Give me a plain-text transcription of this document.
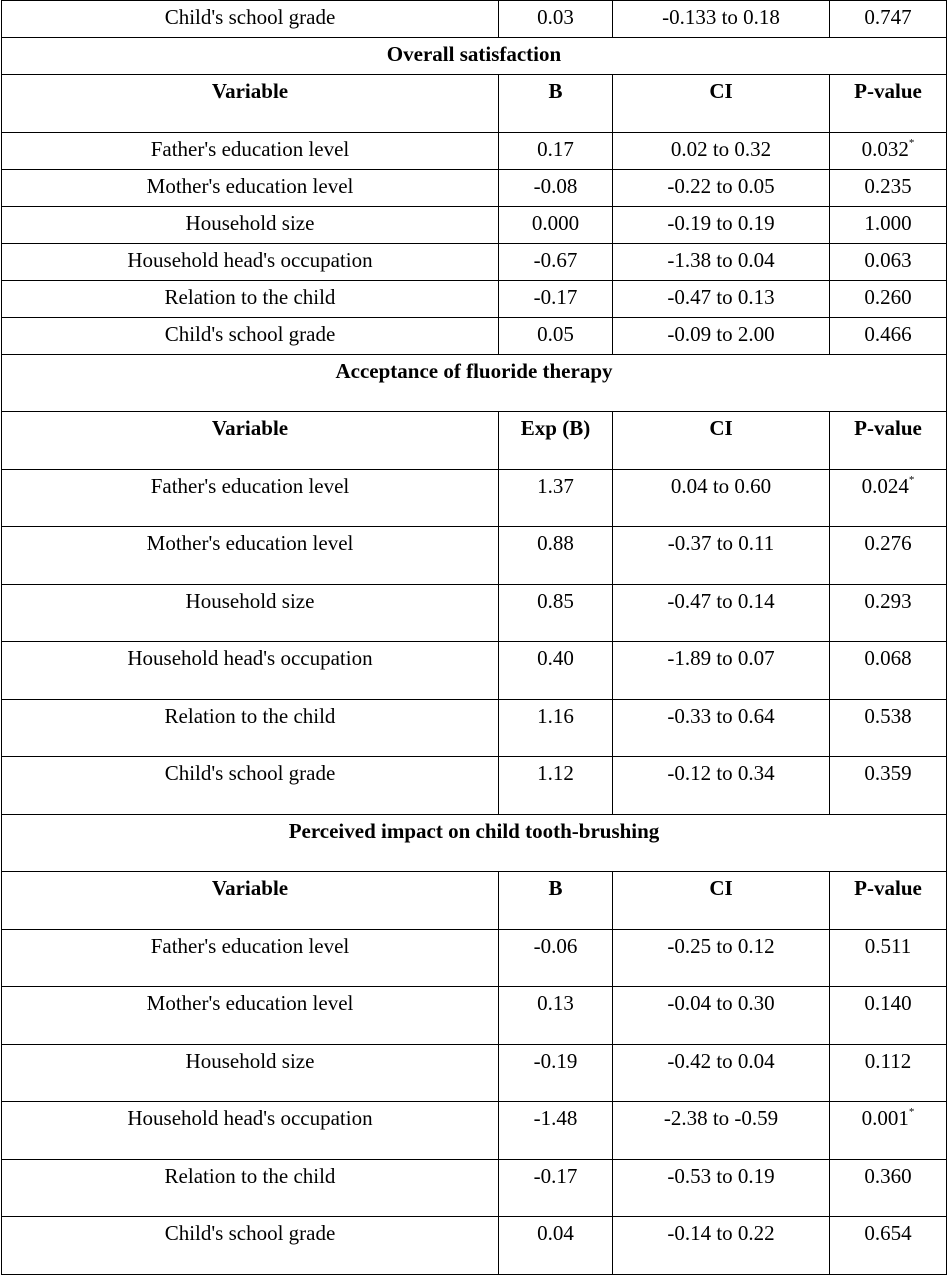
Child's school grade	0.03	-0.133 to 0.18	0.747
Overall satisfaction			
Variable	B	CI	P-value
Father's education level	0.17	0.02 to 0.32	0.032*
Mother's education level	-0.08	-0.22 to 0.05	0.235
Household size	0.000	-0.19 to 0.19	1.000
Household head's occupation	-0.67	-1.38 to 0.04	0.063
Relation to the child	-0.17	-0.47 to 0.13	0.260
Child's school grade	0.05	-0.09 to 2.00	0.466
Acceptance of fluoride therapy			
Variable	Exp (B)	CI	P-value
Father's education level	1.37	0.04 to 0.60	0.024*
Mother's education level	0.88	-0.37 to 0.11	0.276
Household size	0.85	-0.47 to 0.14	0.293
Household head's occupation	0.40	-1.89 to 0.07	0.068
Relation to the child	1.16	-0.33 to 0.64	0.538
Child's school grade	1.12	-0.12 to 0.34	0.359
Perceived impact on child tooth-brushing			
Variable	B	CI	P-value
Father's education level	-0.06	-0.25 to 0.12	0.511
Mother's education level	0.13	-0.04 to 0.30	0.140
Household size	-0.19	-0.42 to 0.04	0.112
Household head's occupation	-1.48	-2.38 to -0.59	0.001*
Relation to the child	-0.17	-0.53 to 0.19	0.360
Child's school grade	0.04	-0.14 to 0.22	0.654
